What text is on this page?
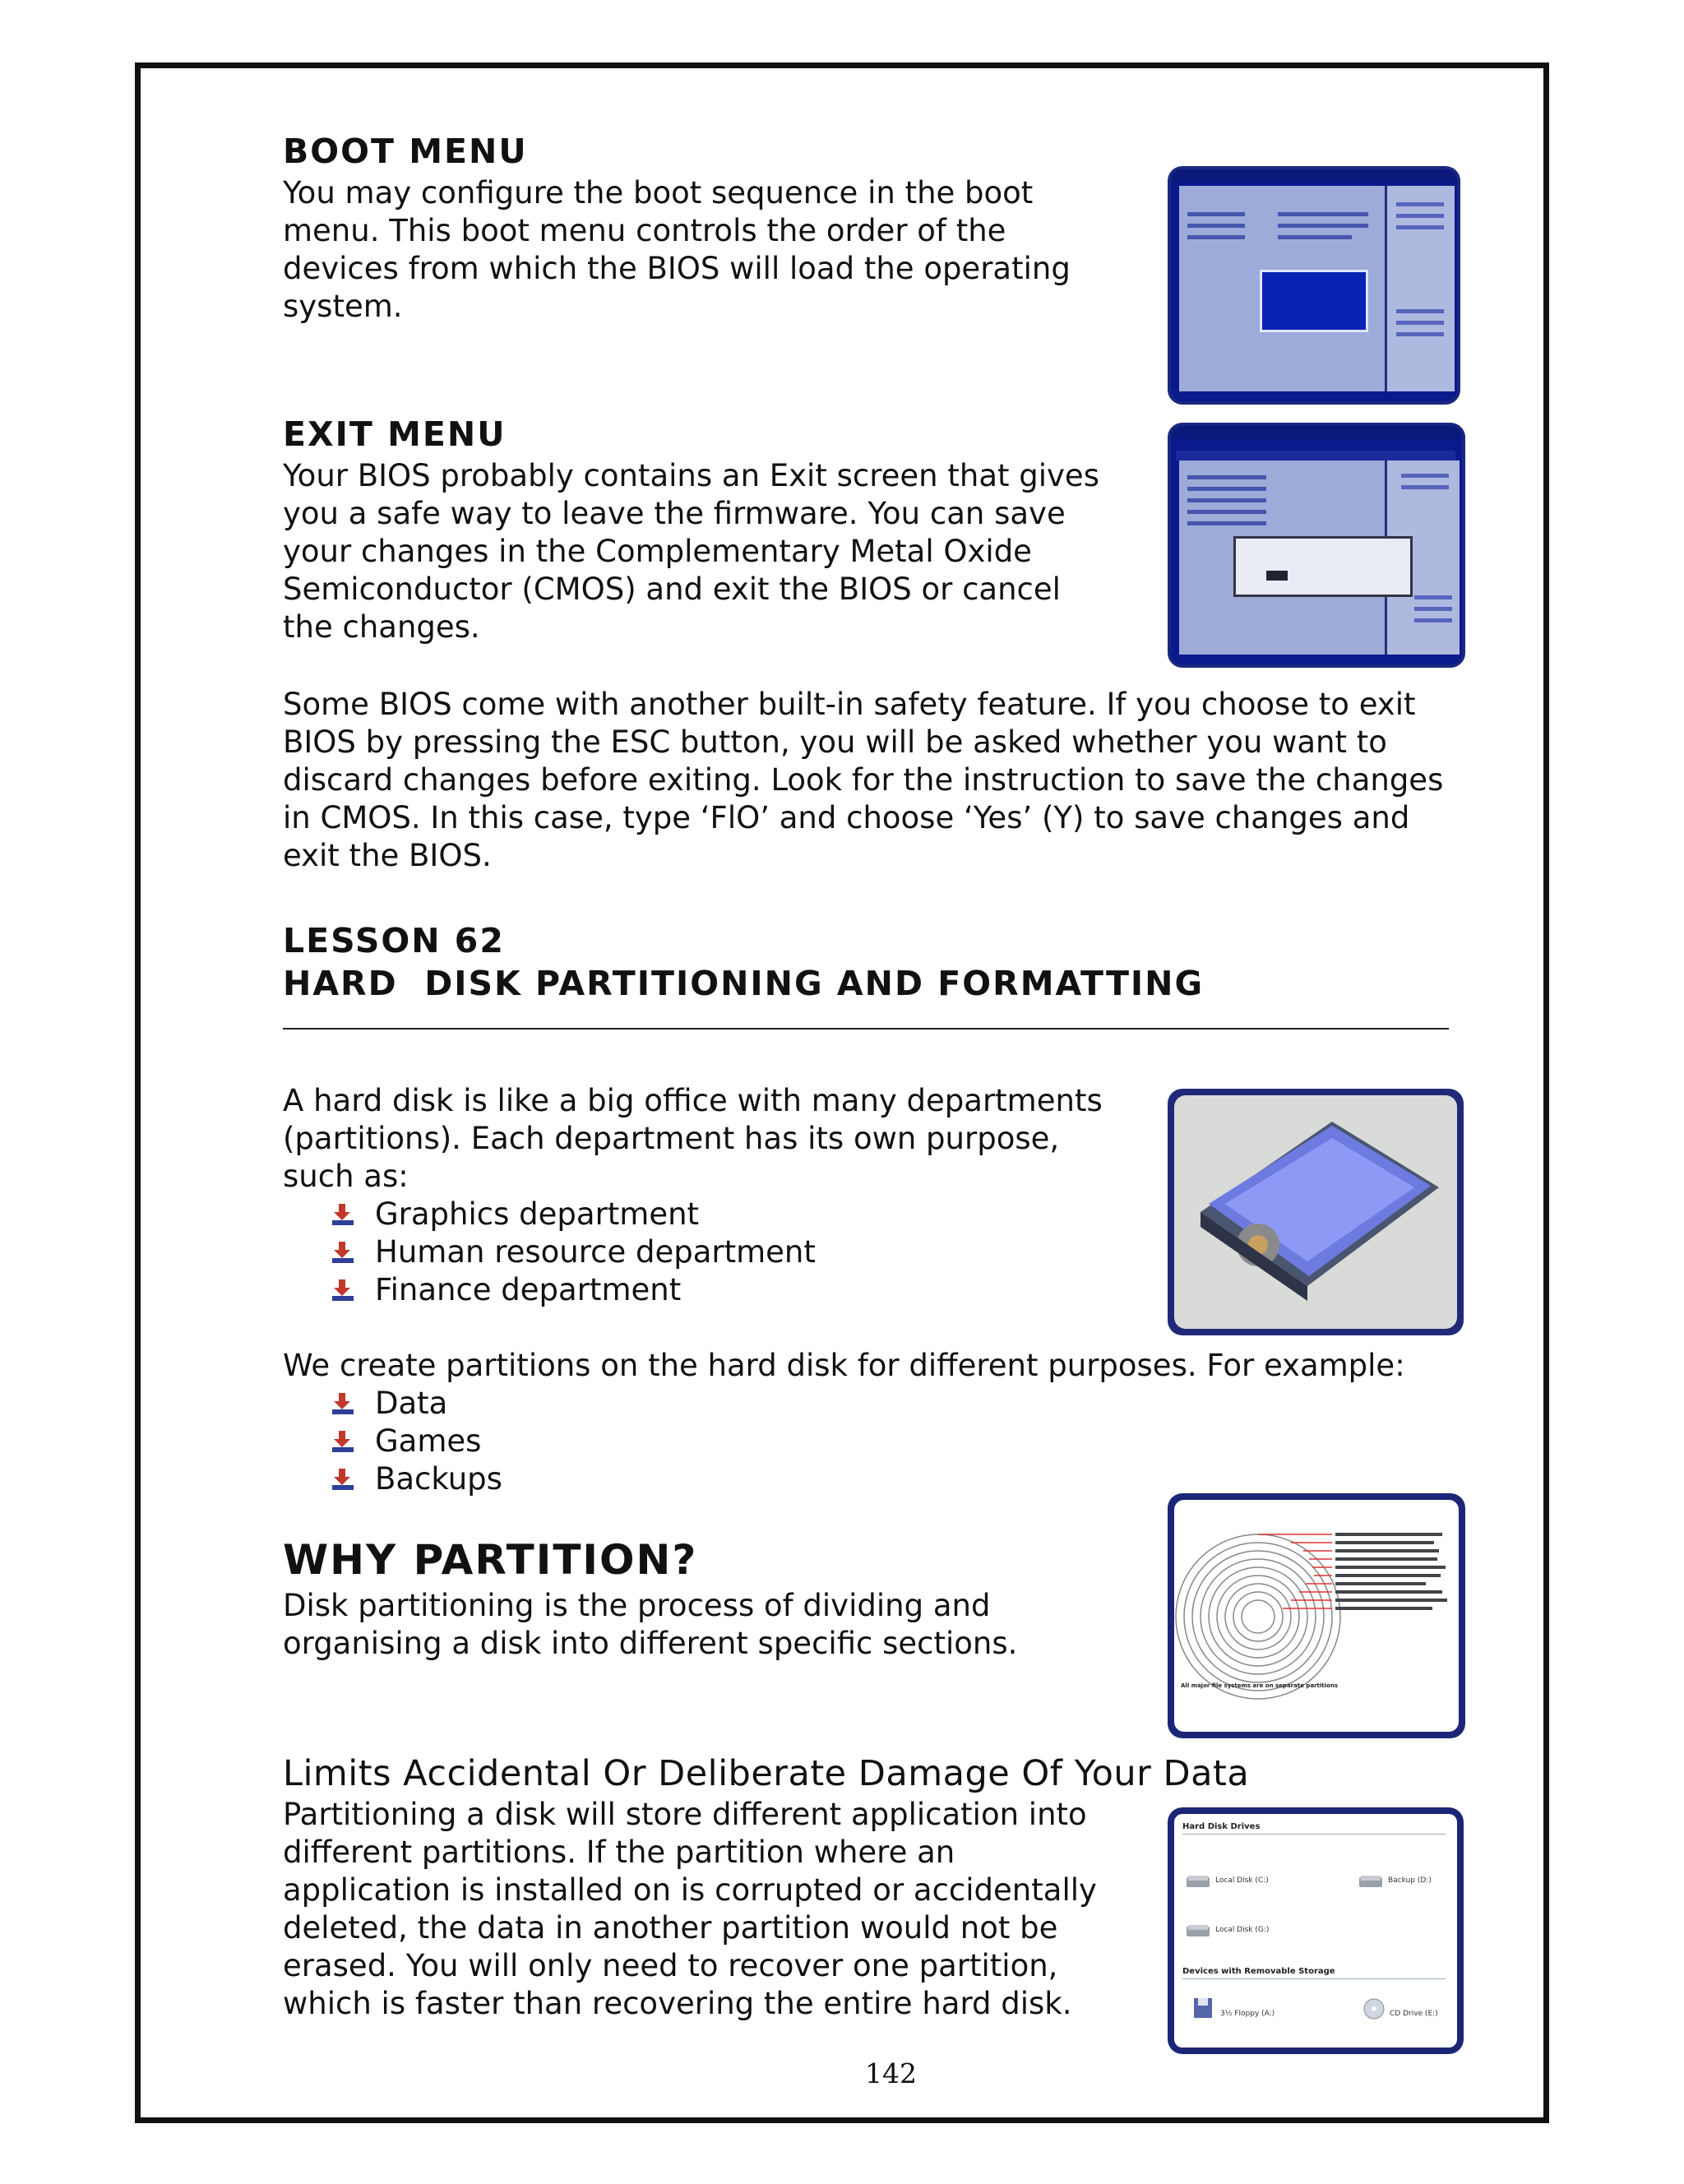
BOOT MENU
You may configure the boot sequence in the boot
menu. This boot menu controls the order of the
devices from which the BIOS will load the operating
system.
EXIT MENU
Your BIOS probably contains an Exit screen that gives
you a safe way to leave the firmware. You can save
your changes in the Complementary Metal Oxide
Semiconductor (CMOS) and exit the BIOS or cancel
the changes.
Some BIOS come with another built-in safety feature. If you choose to exit
BIOS by pressing the ESC button, you will be asked whether you want to
discard changes before exiting. Look for the instruction to save the changes
in CMOS. In this case, type ‘FlO’ and choose ‘Yes’ (Y) to save changes and
exit the BIOS.
LESSON 62
HARD  DISK PARTITIONING AND FORMATTING
A hard disk is like a big office with many departments
(partitions). Each department has its own purpose,
such as:
Graphics department
Human resource department
Finance department
We create partitions on the hard disk for different purposes. For example:
Data
Games
Backups
WHY PARTITION?
Disk partitioning is the process of dividing and
organising a disk into different specific sections.
All major file systems are on separate partitions
Limits Accidental Or Deliberate Damage Of Your Data
Partitioning a disk will store different application into
different partitions. If the partition where an
application is installed on is corrupted or accidentally
deleted, the data in another partition would not be
erased. You will only need to recover one partition,
which is faster than recovering the entire hard disk.
Hard Disk Drives
Local Disk (C:)	Backup (D:)
Local Disk (G:)
Devices with Removable Storage
3½ Floppy (A:)	CD Drive (E:)
142
